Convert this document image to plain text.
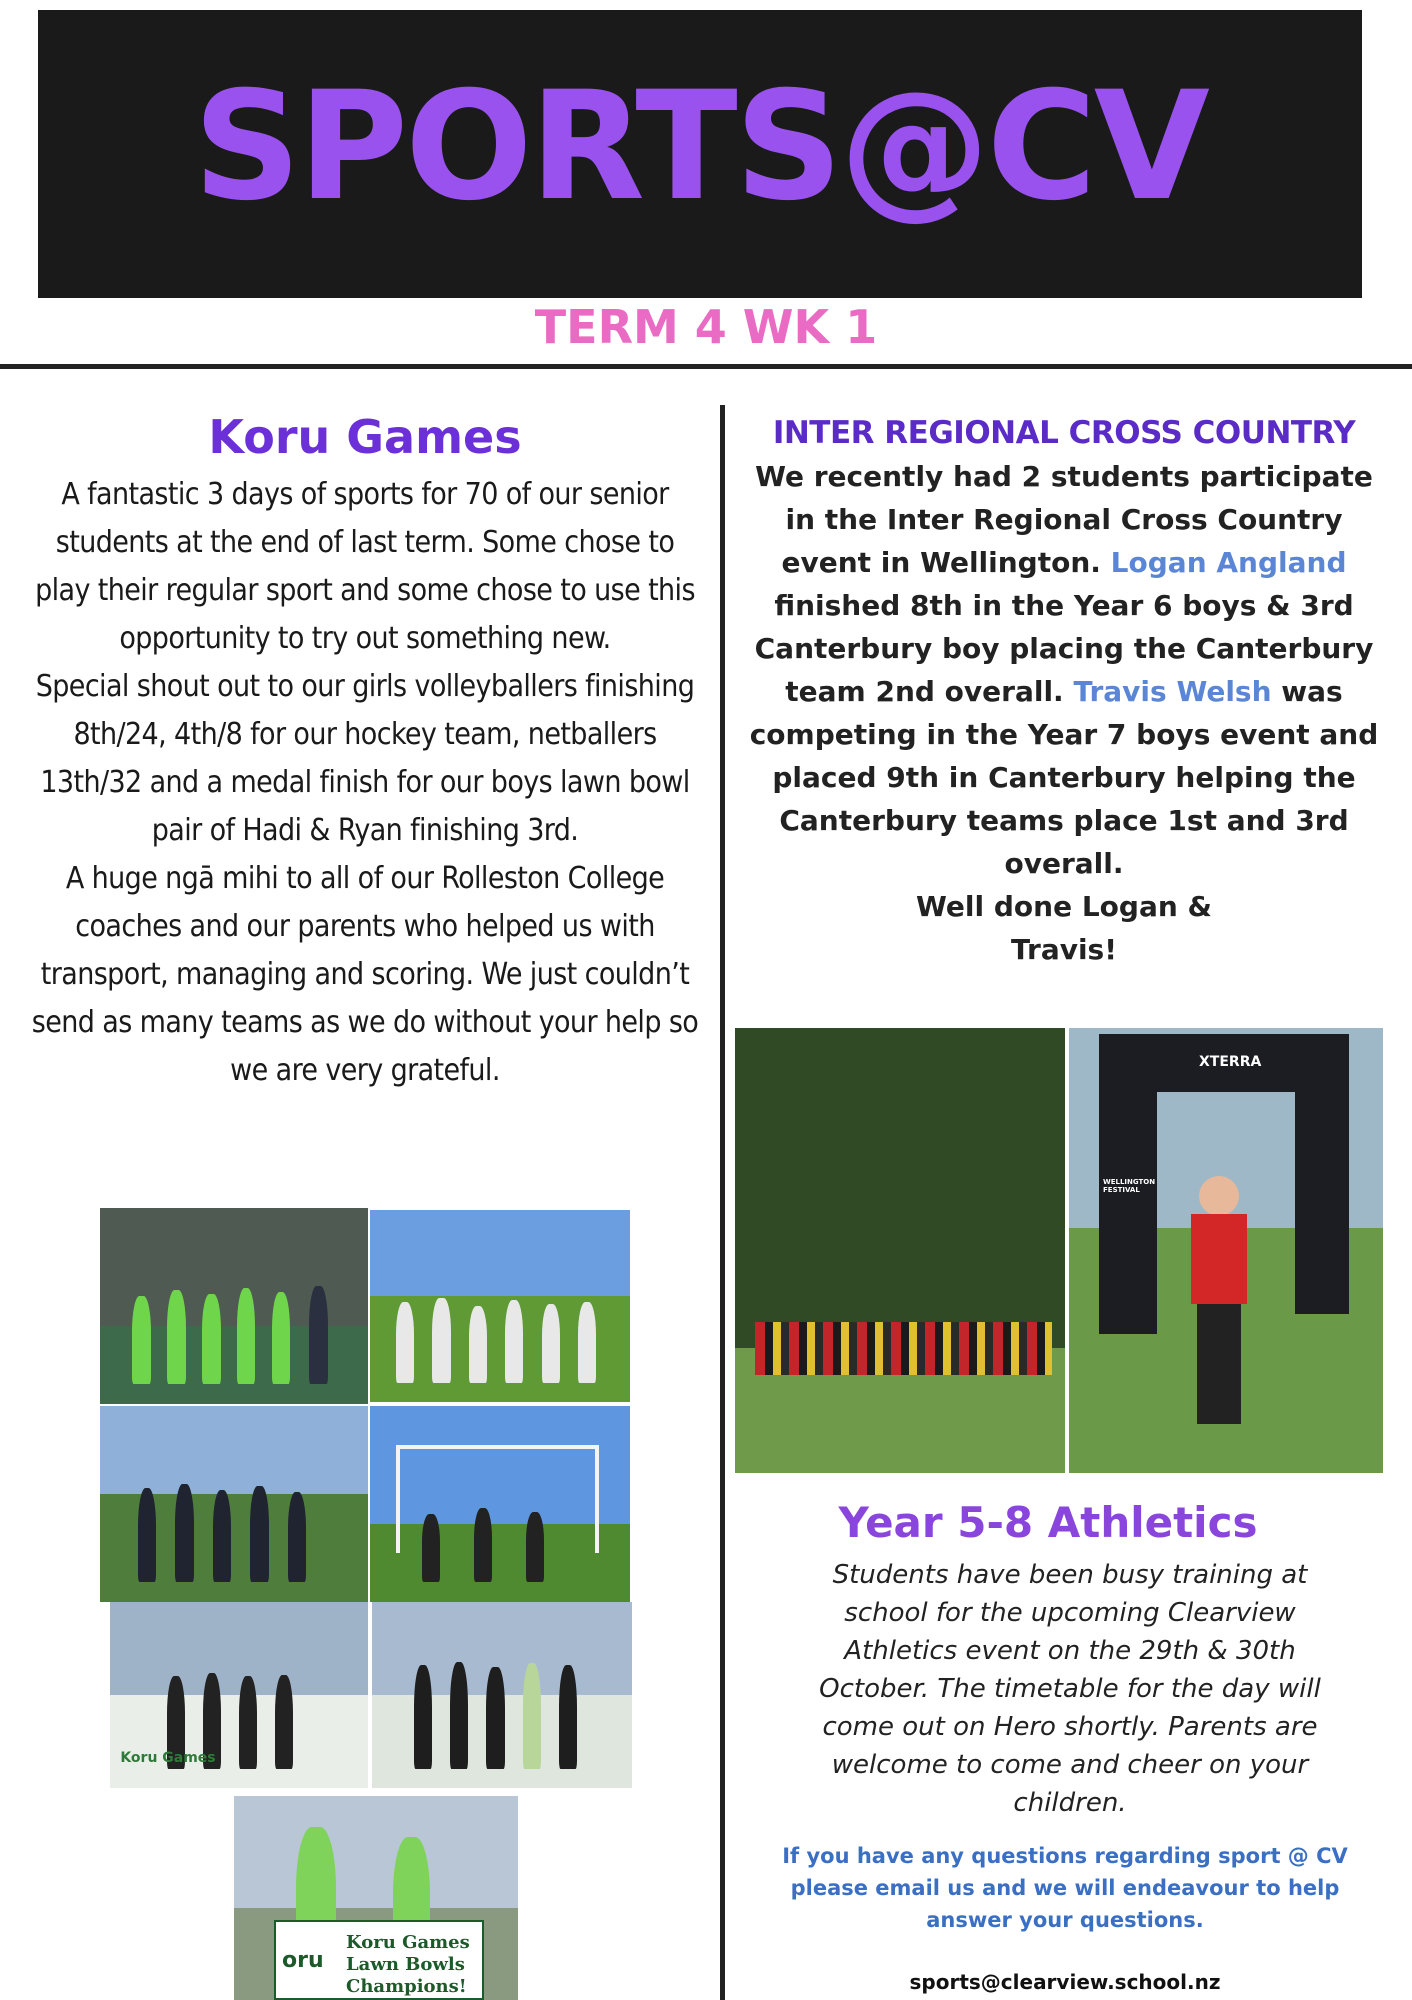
SPORTS@CV
TERM 4 WK 1
Koru Games

A fantastic 3 days of sports for 70 of our senior students at the end of last term. Some chose to play their regular sport and some chose to use this opportunity to try out something new.

Special shout out to our girls volleyballers finishing 8th/24, 4th/8 for our hockey team, netballers 13th/32 and a medal finish for our boys lawn bowl pair of Hadi & Ryan finishing 3rd.

A huge ngā mihi to all of our Rolleston College coaches and our parents who helped us with transport, managing and scoring. We just couldn’t send as many teams as we do without your help so we are very grateful.

Koru Games
oru
Koru Games
Lawn Bowls
Champions!
INTER REGIONAL CROSS COUNTRY
We recently had 2 students participate in the Inter Regional Cross Country event in Wellington. Logan Angland finished 8th in the Year 6 boys & 3rd Canterbury boy placing the Canterbury team 2nd overall. Travis Welsh was competing in the Year 7 boys event and placed 9th in Canterbury helping the Canterbury teams place 1st and 3rd overall.
Well done Logan &
Travis!
XTERRA
WELLINGTON FESTIVAL
Year 5-8 Athletics
Students have been busy training at school for the upcoming Clearview Athletics event on the 29th & 30th October. The timetable for the day will come out on Hero shortly. Parents are welcome to come and cheer on your children.
If you have any questions regarding sport @ CV please email us and we will endeavour to help answer your questions.
sports@clearview.school.nz
